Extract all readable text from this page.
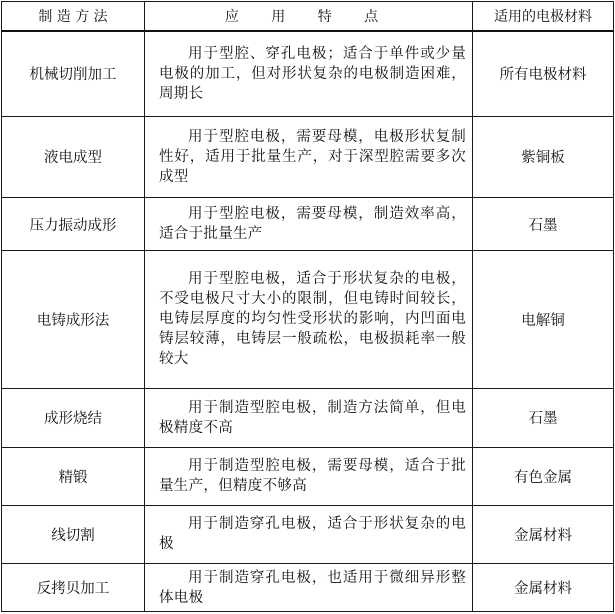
制 造 方 法	应 用 特 点	适用的电极材料
机械切削加工	用于型腔、穿孔电极；适合于单件或少量电极的加工，但对形状复杂的电极制造困难，周期长	所有电极材料
液电成型	用于型腔电极，需要母模，电极形状复制性好，适用于批量生产，对于深型腔需要多次成型	紫铜板
压力振动成形	用于型腔电极，需要母模，制造效率高，适合于批量生产	石墨
电铸成形法	用于型腔电极，适合于形状复杂的电极，不受电极尺寸大小的限制，但电铸时间较长，电铸层厚度的均匀性受形状的影响，内凹面电铸层较薄，电铸层一般疏松，电极损耗率一般较大	电解铜
成形烧结	用于制造型腔电极，制造方法简单，但电极精度不高	石墨
精锻	用于制造型腔电极，需要母模，适合于批量生产，但精度不够高	有色金属
线切割	用于制造穿孔电极，适合于形状复杂的电极	金属材料
反拷贝加工	用于制造穿孔电极，也适用于微细异形整体电极	金属材料
